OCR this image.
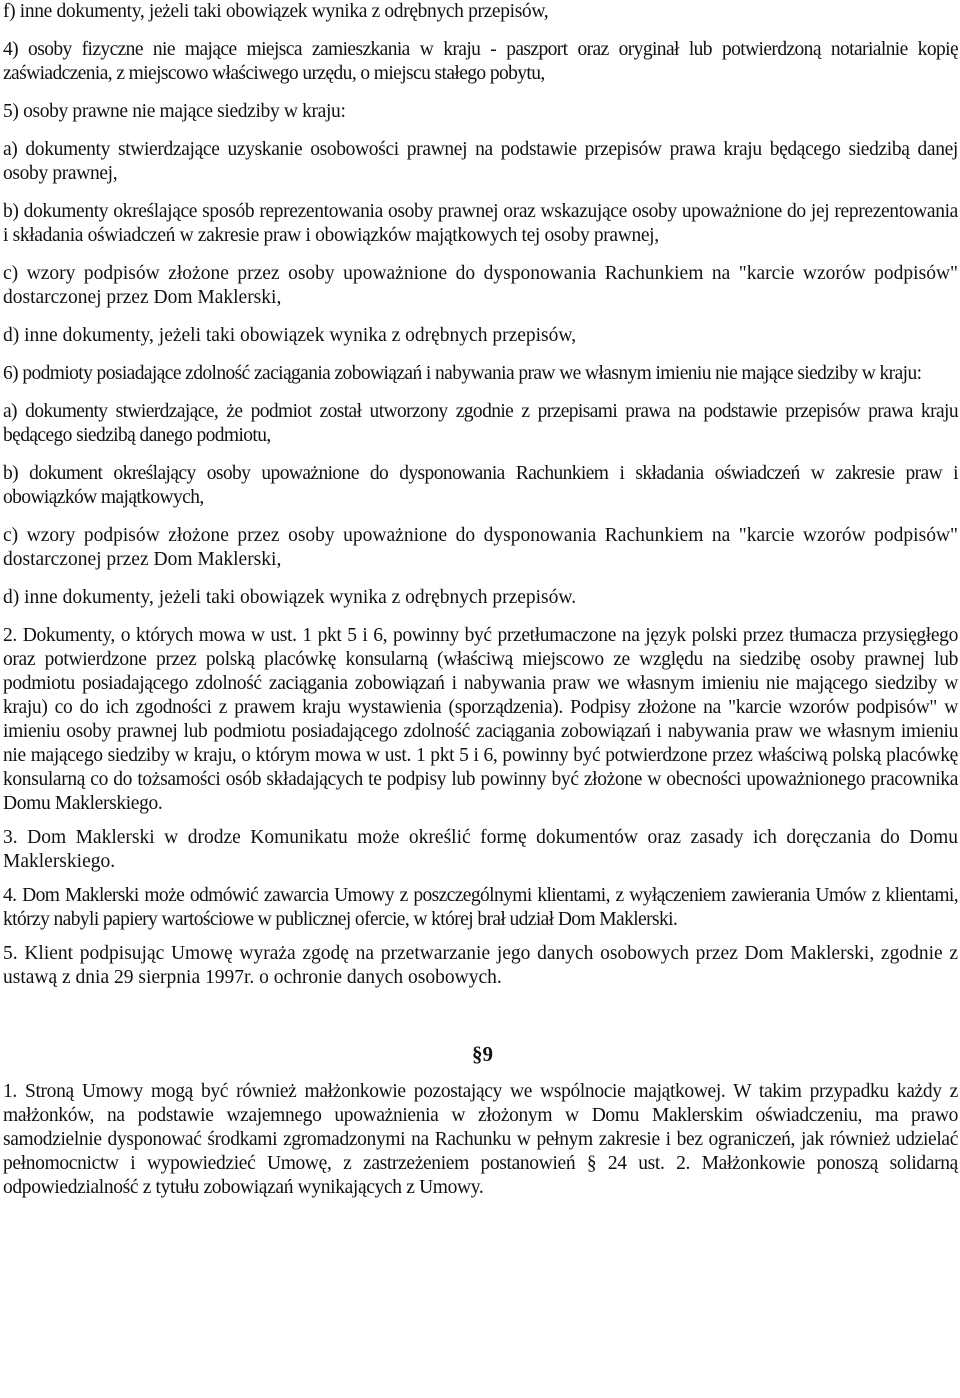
f) inne dokumenty, jeżeli taki obowiązek wynika z odrębnych przepisów,

4) osoby fizyczne nie mające miejsca zamieszkania w kraju - paszport oraz oryginał lub potwierdzoną notarialnie kopię zaświadczenia, z miejscowo właściwego urzędu, o miejscu stałego pobytu,

5) osoby prawne nie mające siedziby w kraju:

a) dokumenty stwierdzające uzyskanie osobowości prawnej na podstawie przepisów prawa kraju będącego siedzibą danej osoby prawnej,

b) dokumenty określające sposób reprezentowania osoby prawnej oraz wskazujące osoby upoważnione do jej reprezentowania i składania oświadczeń w zakresie praw i obowiązków majątkowych tej osoby prawnej,

c) wzory podpisów złożone przez osoby upoważnione do dysponowania Rachunkiem na "karcie wzorów podpisów" dostarczonej przez Dom Maklerski,

d) inne dokumenty, jeżeli taki obowiązek wynika z odrębnych przepisów,

6) podmioty posiadające zdolność zaciągania zobowiązań i nabywania praw we własnym imieniu nie mające siedziby w kraju:

a) dokumenty stwierdzające, że podmiot został utworzony zgodnie z przepisami prawa na podstawie przepisów prawa kraju będącego siedzibą danego podmiotu,

b) dokument określający osoby upoważnione do dysponowania Rachunkiem i składania oświadczeń w zakresie praw i obowiązków majątkowych,

c) wzory podpisów złożone przez osoby upoważnione do dysponowania Rachunkiem na "karcie wzorów podpisów" dostarczonej przez Dom Maklerski,

d) inne dokumenty, jeżeli taki obowiązek wynika z odrębnych przepisów.

2. Dokumenty, o których mowa w ust. 1 pkt 5 i 6, powinny być przetłumaczone na język polski przez tłumacza przysięgłego oraz potwierdzone przez polską placówkę konsularną (właściwą miejscowo ze względu na siedzibę osoby prawnej lub podmiotu posiadającego zdolność zaciągania zobowiązań i nabywania praw we własnym imieniu nie mającego siedziby w kraju) co do ich zgodności z prawem kraju wystawienia (sporządzenia). Podpisy złożone na "karcie wzorów podpisów" w imieniu osoby prawnej lub podmiotu posiadającego zdolność zaciągania zobowiązań i nabywania praw we własnym imieniu nie mającego siedziby w kraju, o którym mowa w ust. 1 pkt 5 i 6, powinny być potwierdzone przez właściwą polską placówkę konsularną co do tożsamości osób składających te podpisy lub powinny być złożone w obecności upoważnionego pracownika Domu Maklerskiego.

3. Dom Maklerski w drodze Komunikatu może określić formę dokumentów oraz zasady ich doręczania do Domu Maklerskiego.

4. Dom Maklerski może odmówić zawarcia Umowy z poszczególnymi klientami, z wyłączeniem zawierania Umów z klientami, którzy nabyli papiery wartościowe w publicznej ofercie, w której brał udział Dom Maklerski.

5. Klient podpisując Umowę wyraża zgodę na przetwarzanie jego danych osobowych przez Dom Maklerski, zgodnie z ustawą z dnia 29 sierpnia 1997r. o ochronie danych osobowych.

§9

1. Stroną Umowy mogą być również małżonkowie pozostający we wspólnocie majątkowej. W takim przypadku każdy z małżonków, na podstawie wzajemnego upoważnienia w złożonym w Domu Maklerskim oświadczeniu, ma prawo samodzielnie dysponować środkami zgromadzonymi na Rachunku w pełnym zakresie i bez ograniczeń, jak również udzielać pełnomocnictw i wypowiedzieć Umowę, z zastrzeżeniem postanowień § 24 ust. 2. Małżonkowie ponoszą solidarną odpowiedzialność z tytułu zobowiązań wynikających z Umowy.
